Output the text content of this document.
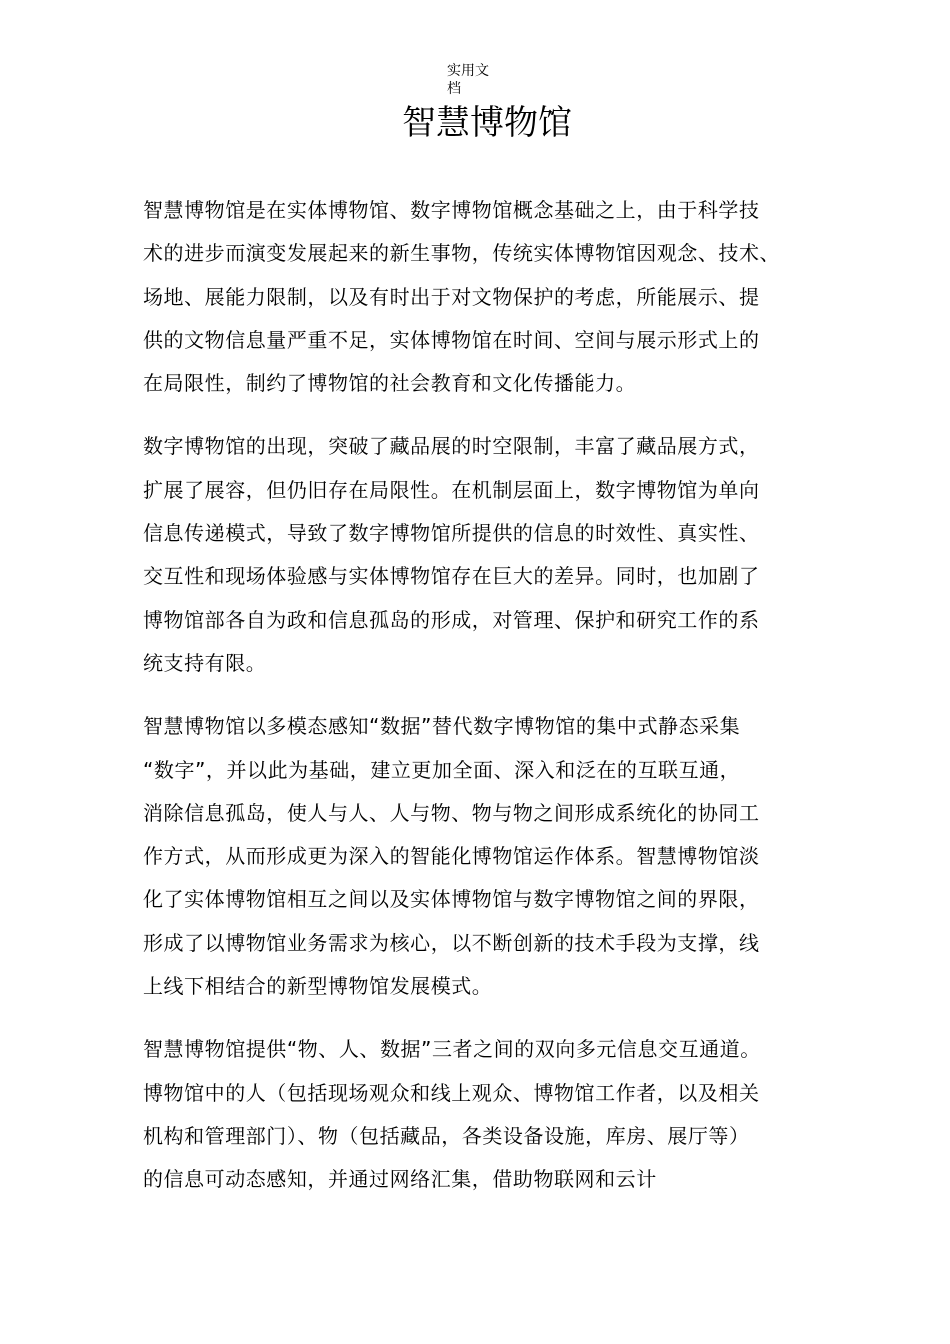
实用文档
智慧博物馆

智慧博物馆是在实体博物馆、数字博物馆概念基础之上，由于科学技
术的进步而演变发展起来的新生事物，传统实体博物馆因观念、技术、
场地、展能力限制，以及有时出于对文物保护的考虑，所能展示、提
供的文物信息量严重不足，实体博物馆在时间、空间与展示形式上的
在局限性，制约了博物馆的社会教育和文化传播能力。

数字博物馆的出现，突破了藏品展的时空限制，丰富了藏品展方式，
扩展了展容，但仍旧存在局限性。在机制层面上，数字博物馆为单向
信息传递模式，导致了数字博物馆所提供的信息的时效性、真实性、
交互性和现场体验感与实体博物馆存在巨大的差异。同时，也加剧了
博物馆部各自为政和信息孤岛的形成，对管理、保护和研究工作的系
统支持有限。

智慧博物馆以多模态感知“数据”替代数字博物馆的集中式静态采集
“数字”，并以此为基础，建立更加全面、深入和泛在的互联互通，
消除信息孤岛，使人与人、人与物、物与物之间形成系统化的协同工
作方式，从而形成更为深入的智能化博物馆运作体系。智慧博物馆淡
化了实体博物馆相互之间以及实体博物馆与数字博物馆之间的界限，
形成了以博物馆业务需求为核心，以不断创新的技术手段为支撑，线
上线下相结合的新型博物馆发展模式。

智慧博物馆提供“物、人、数据”三者之间的双向多元信息交互通道。
博物馆中的人（包括现场观众和线上观众、博物馆工作者，以及相关
机构和管理部门）、物（包括藏品，各类设备设施，库房、展厅等）
的信息可动态感知，并通过网络汇集，借助物联网和云计
